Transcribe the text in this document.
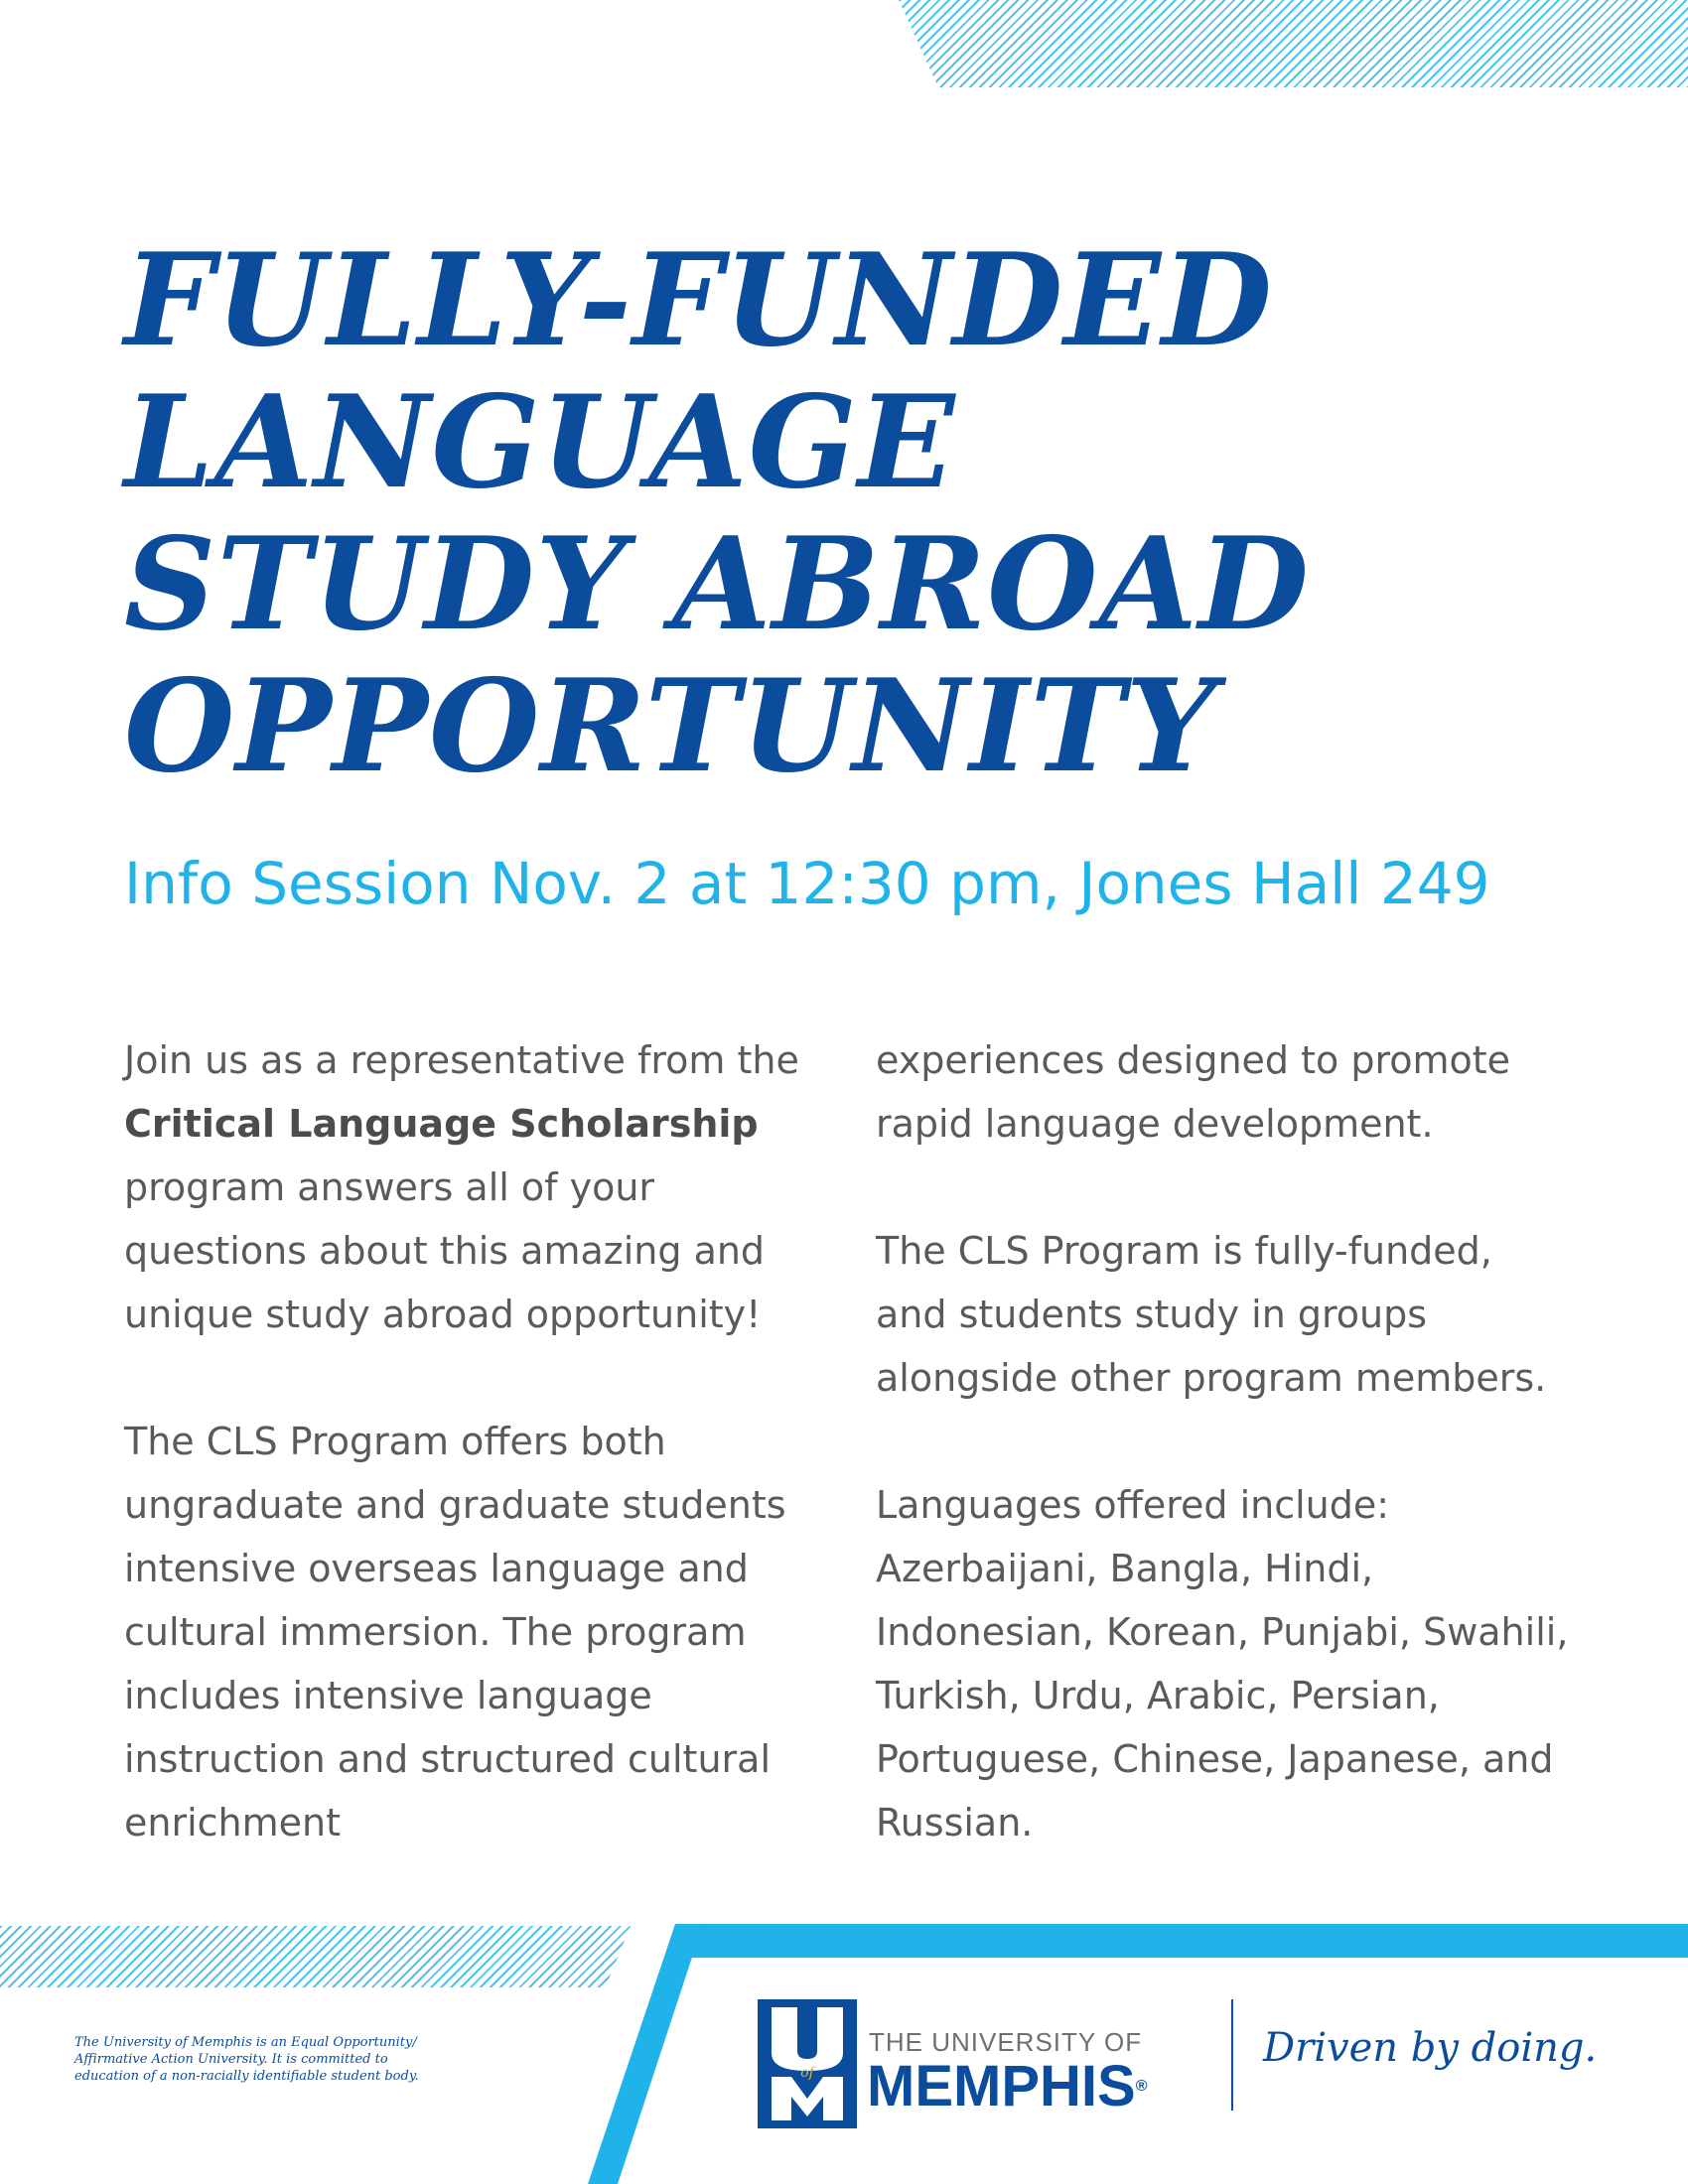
FULLY-FUNDED
LANGUAGE
STUDY ABROAD
OPPORTUNITY
Info Session Nov. 2 at 12:30 pm, Jones Hall 249

Join us as a representative from the Critical Language Scholarship program answers all of your questions about this amazing and unique study abroad opportunity!

The CLS Program offers both ungraduate and graduate students intensive overseas language and cultural immersion. The program includes intensive language instruction and structured cultural enrichment

experiences designed to promote rapid language development.

The CLS Program is fully-funded, and students study in groups alongside other program members.

Languages offered include: Azerbaijani, Bangla, Hindi, Indonesian, Korean, Punjabi, Swahili, Turkish, Urdu, Arabic, Persian, Portuguese, Chinese, Japanese, and Russian.

The University of Memphis is an Equal Opportunity/
Affirmative Action University. It is committed to
education of a non-racially identifiable student body.	of
THE UNIVERSITY OF
MEMPHIS®
Driven by doing.
